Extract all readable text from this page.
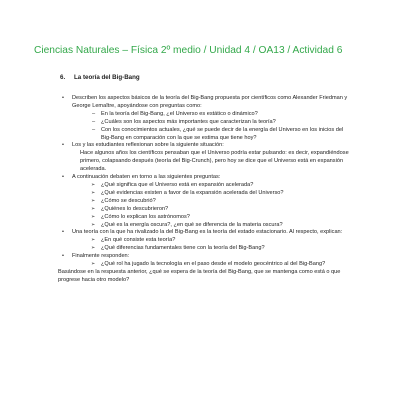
Ciencias Naturales – Física 2º medio / Unidad 4 / OA13 / Actividad 6
6. La teoría del Big-Bang
• Describen los aspectos básicos de la teoría del Big-Bang propuesta por científicos como Alexander Friedman y George Lemaître, apoyándose con preguntas como:
– En la teoría del Big-Bang, ¿el Universo es estático o dinámico?
– ¿Cuáles son los aspectos más importantes que caracterizan la teoría?
– Con los conocimientos actuales, ¿qué se puede decir de la energía del Universo en los inicios del Big-Bang en comparación con la que se estima que tiene hoy?
• Los y las estudiantes reflexionan sobre la siguiente situación:
Hace algunos años los científicos pensaban que el Universo podría estar pulsando: es decir, expandiéndose primero, colapsando después (teoría del Big-Crunch), pero hoy se dice que el Universo está en expansión acelerada.
• A continuación debaten en torno a las siguientes preguntas:
➢ ¿Qué significa que el Universo está en expansión acelerada?
➢ ¿Qué evidencias existen a favor de la expansión acelerada del Universo?
➢ ¿Cómo se descubrió?
➢ ¿Quiénes lo descubrieron?
➢ ¿Cómo lo explican los astrónomos?
➢ ¿Qué es la energía oscura?, ¿en qué se diferencia de la materia oscura?
• Una teoría con la que ha rivalizado la del Big-Bang es la teoría del estado estacionario. Al respecto, explican:
➢ ¿En qué consiste esta teoría?
➢ ¿Qué diferencias fundamentales tiene con la teoría del Big-Bang?
• Finalmente responden:
➢ ¿Qué rol ha jugado la tecnología en el paso desde el modelo geocéntrico al del Big-Bang?
Basándose en la respuesta anterior, ¿qué se espera de la teoría del Big-Bang, que se mantenga como está o que progrese hacia otro modelo?
